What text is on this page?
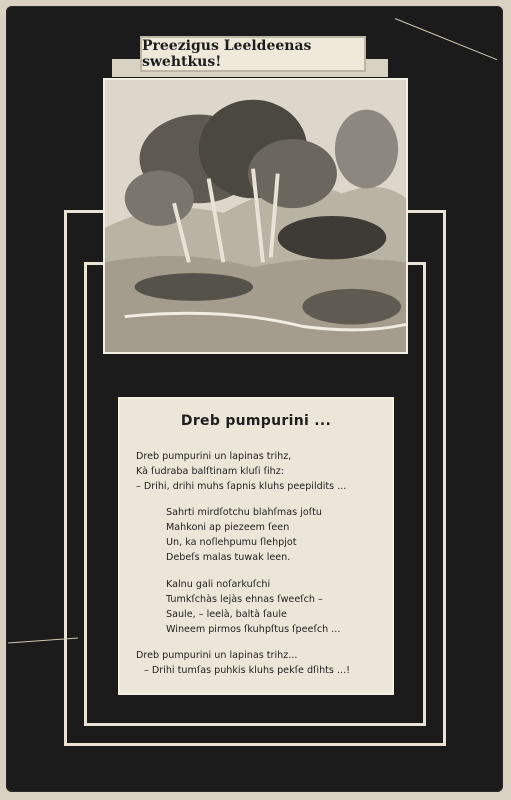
Preezigus Leeldeenas swehtkus!
Dreb pumpurini ...
Dreb pumpurini un lapinas trihz,
Kà ſudraba balſtinam kluſi ſihz:
– Drihi, drihi muhs ſapnis kluhs peepildits ...
Sahrti mirdſotchu blahſmas joſtu
Mahkoni ap piezeem ſeen
Un, ka noſlehpumu ſlehpjot
Debeſs malas tuwak leen.
Kalnu gali noſarkuſchi
Tumkſchàs lejàs ehnas ſweeſch –
Saule, – leelà, baltà ſaule
Wineem pirmos ſkuhpſtus ſpeeſch ...
Dreb pumpurini un lapinas trihz...
– Drihi tumſas puhkis kluhs pekſe dſihts ...!
